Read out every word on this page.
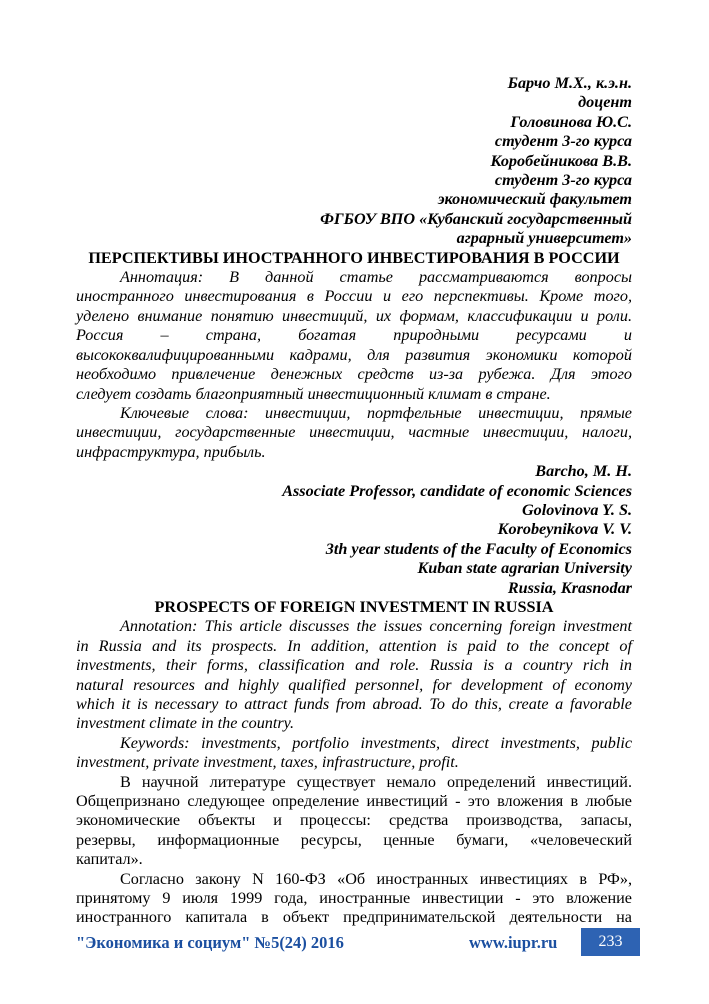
Барчо М.Х., к.э.н.
доцент
Головинова Ю.С.
студент 3-го курса
Коробейникова В.В.
студент 3-го курса
экономический факультет
ФГБОУ ВПО «Кубанский государственный
аграрный университет»
ПЕРСПЕКТИВЫ ИНОСТРАННОГО ИНВЕСТИРОВАНИЯ В РОССИИ
Аннотация: В данной статье рассматриваются вопросы
иностранного инвестирования в России и его перспективы. Кроме того,
уделено внимание понятию инвестиций, их формам, классификации и роли.
Россия – страна, богатая природными ресурсами и
высококвалифицированными кадрами, для развития экономики которой
необходимо привлечение денежных средств из-за рубежа. Для этого
следует создать благоприятный инвестиционный климат в стране.
Ключевые слова: инвестиции, портфельные инвестиции, прямые
инвестиции, государственные инвестиции, частные инвестиции, налоги,
инфраструктура, прибыль.
Barcho, M. H.
Associate Professor, candidate of economic Sciences
Golovinova Y. S.
Korobeynikova V. V.
3th year students of the Faculty of Economics
Kuban state agrarian University
Russia, Krasnodar
PROSPECTS OF FOREIGN INVESTMENT IN RUSSIA
Annotation: This article discusses the issues concerning foreign investment
in Russia and its prospects. In addition, attention is paid to the concept of
investments, their forms, classification and role. Russia is a country rich in
natural resources and highly qualified personnel, for development of economy
which it is necessary to attract funds from abroad. To do this, create a favorable
investment climate in the country.
Keywords: investments, portfolio investments, direct investments, public
investment, private investment, taxes, infrastructure, profit.
В научной литературе существует немало определений инвестиций.
Общепризнано следующее определение инвестиций - это вложения в любые
экономические объекты и процессы: средства производства, запасы,
резервы, информационные ресурсы, ценные бумаги, «человеческий
капитал».
Согласно закону N 160-ФЗ «Об иностранных инвестициях в РФ»,
принятому 9 июля 1999 года, иностранные инвестиции - это вложение
иностранного капитала в объект предпринимательской деятельности на
"Экономика и социум" №5(24) 2016	www.iupr.ru	233
